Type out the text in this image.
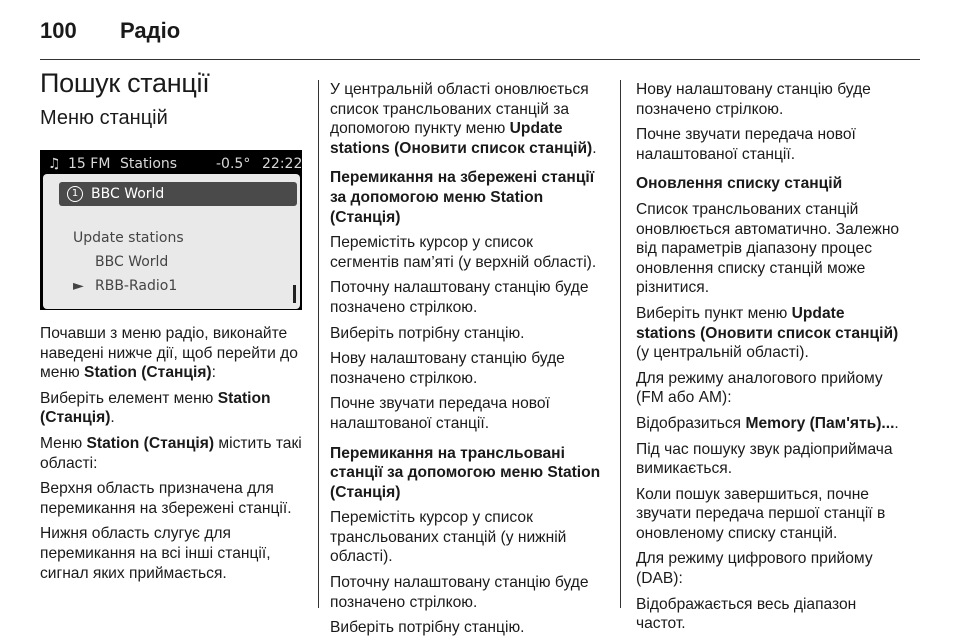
100 Радіо
Пошук станції
Меню станцій
♫ 15 FM Stations	-0.5° 22:22
1 BBC World
Update stations
BBC World
► RBB-Radio1

Почавши з меню радіо, виконайте наведені нижче дії, щоб перейти до меню Station (Станція):

Виберіть елемент меню Station (Станція).

Меню Station (Станція) містить такі області:

Верхня область призначена для перемикання на збережені станції.

Нижня область слугує для перемикання на всі інші станції, сигнал яких приймається.

У центральній області оновлюється список трансльованих станцій за допомогою пункту меню Update stations (Оновити список станцій).

Перемикання на збережені станції за допомогою меню Station (Станція)

Перемістіть курсор у список сегментів пам’яті (у верхній області).

Поточну налаштовану станцію буде позначено стрілкою.

Виберіть потрібну станцію.

Нову налаштовану станцію буде позначено стрілкою.

Почне звучати передача нової налаштованої станції.

Перемикання на трансльовані станції за допомогою меню Station (Станція)

Перемістіть курсор у список трансльованих станцій (у нижній області).

Поточну налаштовану станцію буде позначено стрілкою.

Виберіть потрібну станцію.

Нову налаштовану станцію буде позначено стрілкою.

Почне звучати передача нової налаштованої станції.

Оновлення списку станцій

Список трансльованих станцій оновлюється автоматично. Залежно від параметрів діапазону процес оновлення списку станцій може різнитися.

Виберіть пункт меню Update stations (Оновити список станцій) (у центральній області).

Для режиму аналогового прийому (FM або AM):

Відобразиться Memory (Пам'ять)....

Під час пошуку звук радіоприймача вимикається.

Коли пошук завершиться, почне звучати передача першої станції в оновленому списку станцій.

Для режиму цифрового прийому (DAB):

Відображається весь діапазон частот.
